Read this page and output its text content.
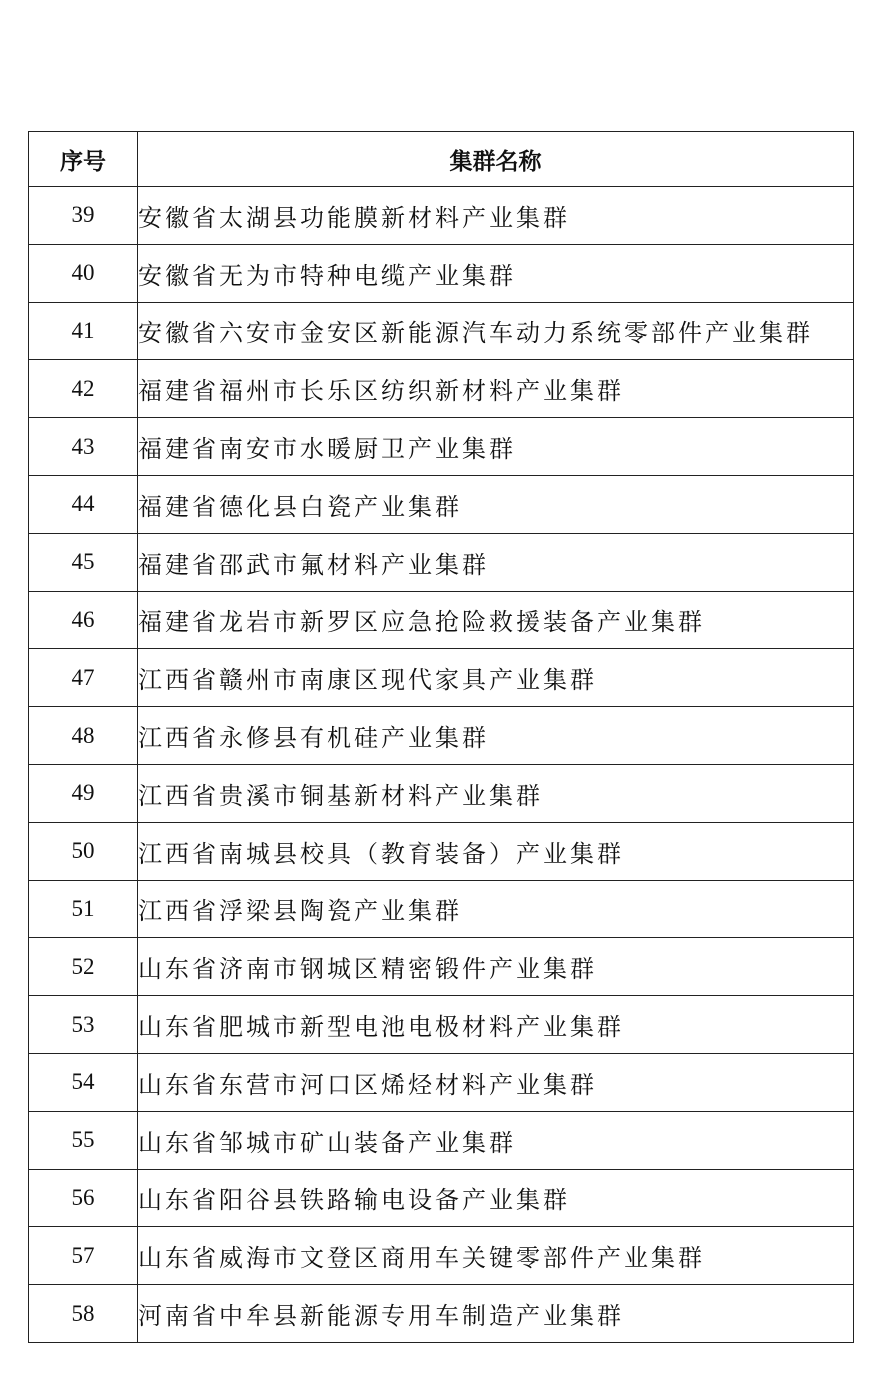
序号	集群名称
39	安徽省太湖县功能膜新材料产业集群
40	安徽省无为市特种电缆产业集群
41	安徽省六安市金安区新能源汽车动力系统零部件产业集群
42	福建省福州市长乐区纺织新材料产业集群
43	福建省南安市水暖厨卫产业集群
44	福建省德化县白瓷产业集群
45	福建省邵武市氟材料产业集群
46	福建省龙岩市新罗区应急抢险救援装备产业集群
47	江西省赣州市南康区现代家具产业集群
48	江西省永修县有机硅产业集群
49	江西省贵溪市铜基新材料产业集群
50	江西省南城县校具（教育装备）产业集群
51	江西省浮梁县陶瓷产业集群
52	山东省济南市钢城区精密锻件产业集群
53	山东省肥城市新型电池电极材料产业集群
54	山东省东营市河口区烯烃材料产业集群
55	山东省邹城市矿山装备产业集群
56	山东省阳谷县铁路输电设备产业集群
57	山东省威海市文登区商用车关键零部件产业集群
58	河南省中牟县新能源专用车制造产业集群
